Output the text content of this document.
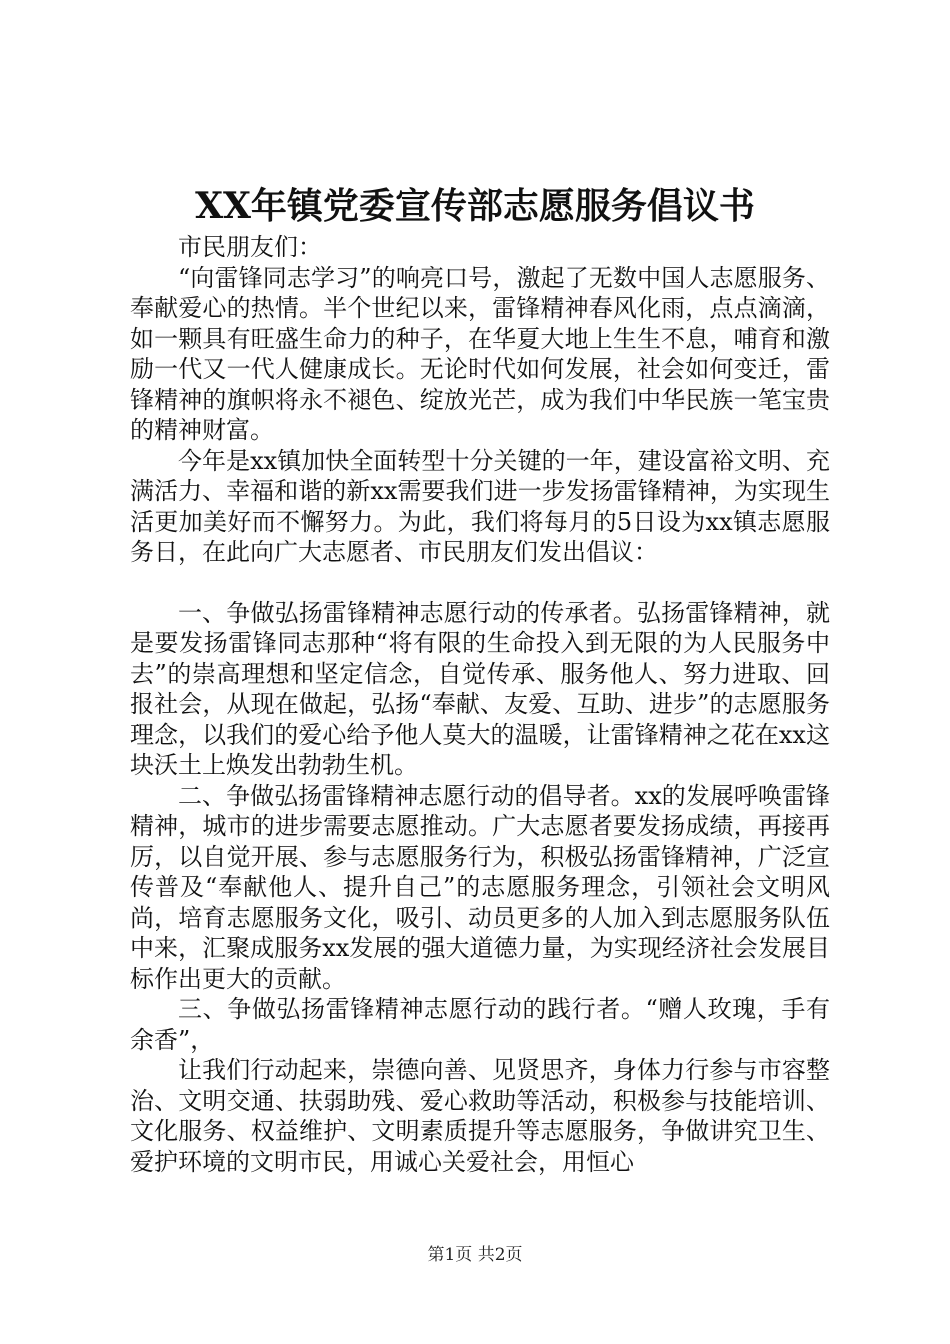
XX年镇党委宣传部志愿服务倡议书

市民朋友们：

“向雷锋同志学习”的响亮口号，激起了无数中国人志愿服务、奉献爱心的热情。半个世纪以来，雷锋精神春风化雨，点点滴滴，如一颗具有旺盛生命力的种子，在华夏大地上生生不息，哺育和激励一代又一代人健康成长。无论时代如何发展，社会如何变迁，雷锋精神的旗帜将永不褪色、绽放光芒，成为我们中华民族一笔宝贵的精神财富。

今年是xx镇加快全面转型十分关键的一年，建设富裕文明、充满活力、幸福和谐的新xx需要我们进一步发扬雷锋精神，为实现生活更加美好而不懈努力。为此，我们将每月的5日设为xx镇志愿服务日，在此向广大志愿者、市民朋友们发出倡议：

一、争做弘扬雷锋精神志愿行动的传承者。弘扬雷锋精神，就是要发扬雷锋同志那种“将有限的生命投入到无限的为人民服务中去”的崇高理想和坚定信念，自觉传承、服务他人、努力进取、回报社会，从现在做起，弘扬“奉献、友爱、互助、进步”的志愿服务理念，以我们的爱心给予他人莫大的温暖，让雷锋精神之花在xx这块沃土上焕发出勃勃生机。

二、争做弘扬雷锋精神志愿行动的倡导者。xx的发展呼唤雷锋精神，城市的进步需要志愿推动。广大志愿者要发扬成绩，再接再厉，以自觉开展、参与志愿服务行为，积极弘扬雷锋精神，广泛宣传普及“奉献他人、提升自己”的志愿服务理念，引领社会文明风尚，培育志愿服务文化，吸引、动员更多的人加入到志愿服务队伍中来，汇聚成服务xx发展的强大道德力量，为实现经济社会发展目标作出更大的贡献。

三、争做弘扬雷锋精神志愿行动的践行者。“赠人玫瑰，手有余香”，

让我们行动起来，崇德向善、见贤思齐，身体力行参与市容整治、文明交通、扶弱助残、爱心救助等活动，积极参与技能培训、文化服务、权益维护、文明素质提升等志愿服务，争做讲究卫生、爱护环境的文明市民，用诚心关爱社会，用恒心

第1页 共2页
